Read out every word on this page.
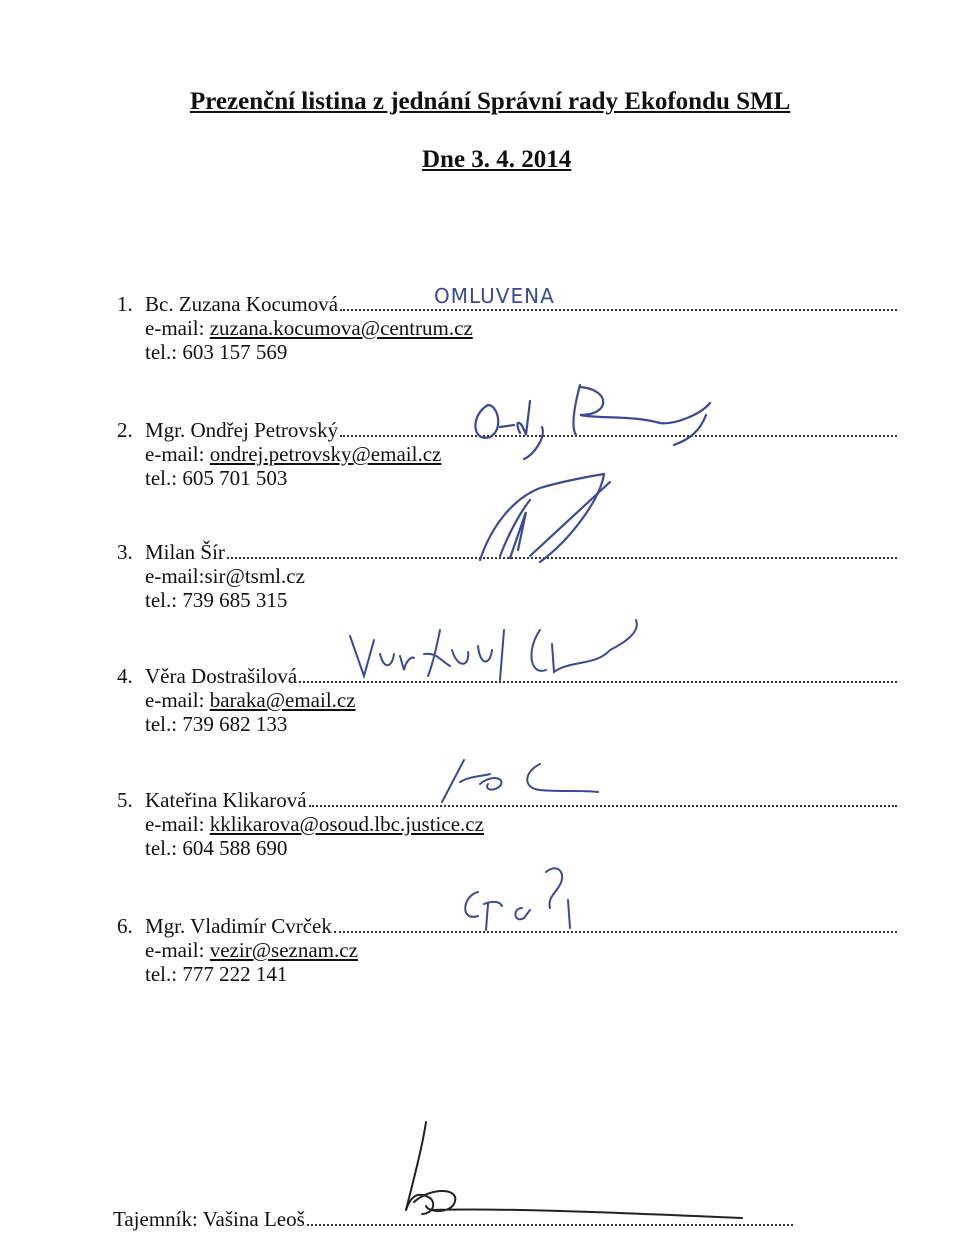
Prezenční listina z jednání Správní rady Ekofondu SML
Dne 3. 4. 2014
1. Bc. Zuzana Kocumová
e-mail: zuzana.kocumova@centrum.cz
tel.: 603 157 569
OMLUVENA
2. Mgr. Ondřej Petrovský
e-mail: ondrej.petrovsky@email.cz
tel.: 605 701 503
3. Milan Šír
e-mail:sir@tsml.cz
tel.: 739 685 315
4. Věra Dostrašilová
e-mail: baraka@email.cz
tel.: 739 682 133
5. Kateřina Klikarová
e-mail: kklikarova@osoud.lbc.justice.cz
tel.: 604 588 690
6. Mgr. Vladimír Cvrček
e-mail: vezir@seznam.cz
tel.: 777 222 141
Tajemník: Vašina Leoš
